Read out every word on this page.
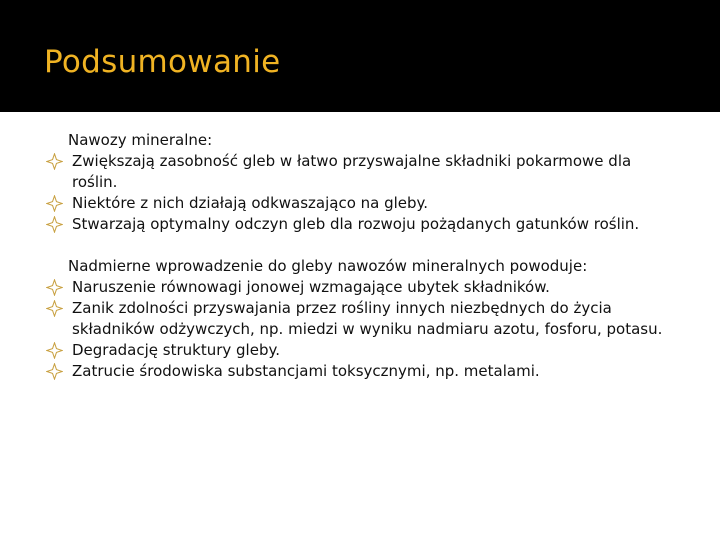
Podsumowanie
Nawozy mineralne:
Zwiększają zasobność gleb w łatwo przyswajalne składniki pokarmowe dla roślin.
Niektóre z nich działają odkwaszająco na gleby.
Stwarzają optymalny odczyn gleb dla rozwoju pożądanych gatunków roślin.
Nadmierne wprowadzenie do gleby nawozów mineralnych powoduje:
Naruszenie równowagi jonowej wzmagające ubytek składników.
Zanik zdolności przyswajania przez rośliny innych niezbędnych do życia składników odżywczych, np. miedzi w wyniku nadmiaru azotu, fosforu, potasu.
Degradację struktury gleby.
Zatrucie środowiska substancjami toksycznymi, np. metalami.
